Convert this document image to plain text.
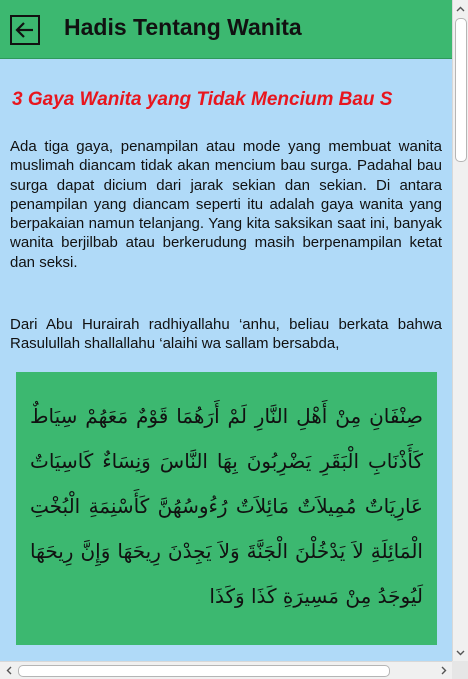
Hadis Tentang Wanita
3 Gaya Wanita yang Tidak Mencium Bau S

Ada tiga gaya, penampilan atau mode yang membuat wanita muslimah diancam tidak akan mencium bau surga. Padahal bau surga dapat dicium dari jarak sekian dan sekian. Di antara penampilan yang diancam seperti itu adalah gaya wanita yang berpakaian namun telanjang. Yang kita saksikan saat ini, banyak wanita berjilbab atau berkerudung masih berpenampilan ketat dan seksi.

Dari Abu Hurairah radhiyallahu ‘anhu, beliau berkata bahwa Rasulullah shallallahu ‘alaihi wa sallam bersabda,

صِنْفَانِ مِنْ أَهْلِ النَّارِ لَمْ أَرَهُمَا قَوْمٌ مَعَهُمْ سِيَاطٌ كَأَذْنَابِ الْبَقَرِ يَضْرِبُونَ بِهَا النَّاسَ وَنِسَاءٌ كَاسِيَاتٌ عَارِيَاتٌ مُمِيلاَتٌ مَائِلاَتٌ رُءُوسُهُنَّ كَأَسْنِمَةِ الْبُخْتِ الْمَائِلَةِ لاَ يَدْخُلْنَ الْجَنَّةَ وَلاَ يَجِدْنَ رِيحَهَا وَإِنَّ رِيحَهَا لَيُوجَدُ مِنْ مَسِيرَةِ كَذَا وَكَذَا
